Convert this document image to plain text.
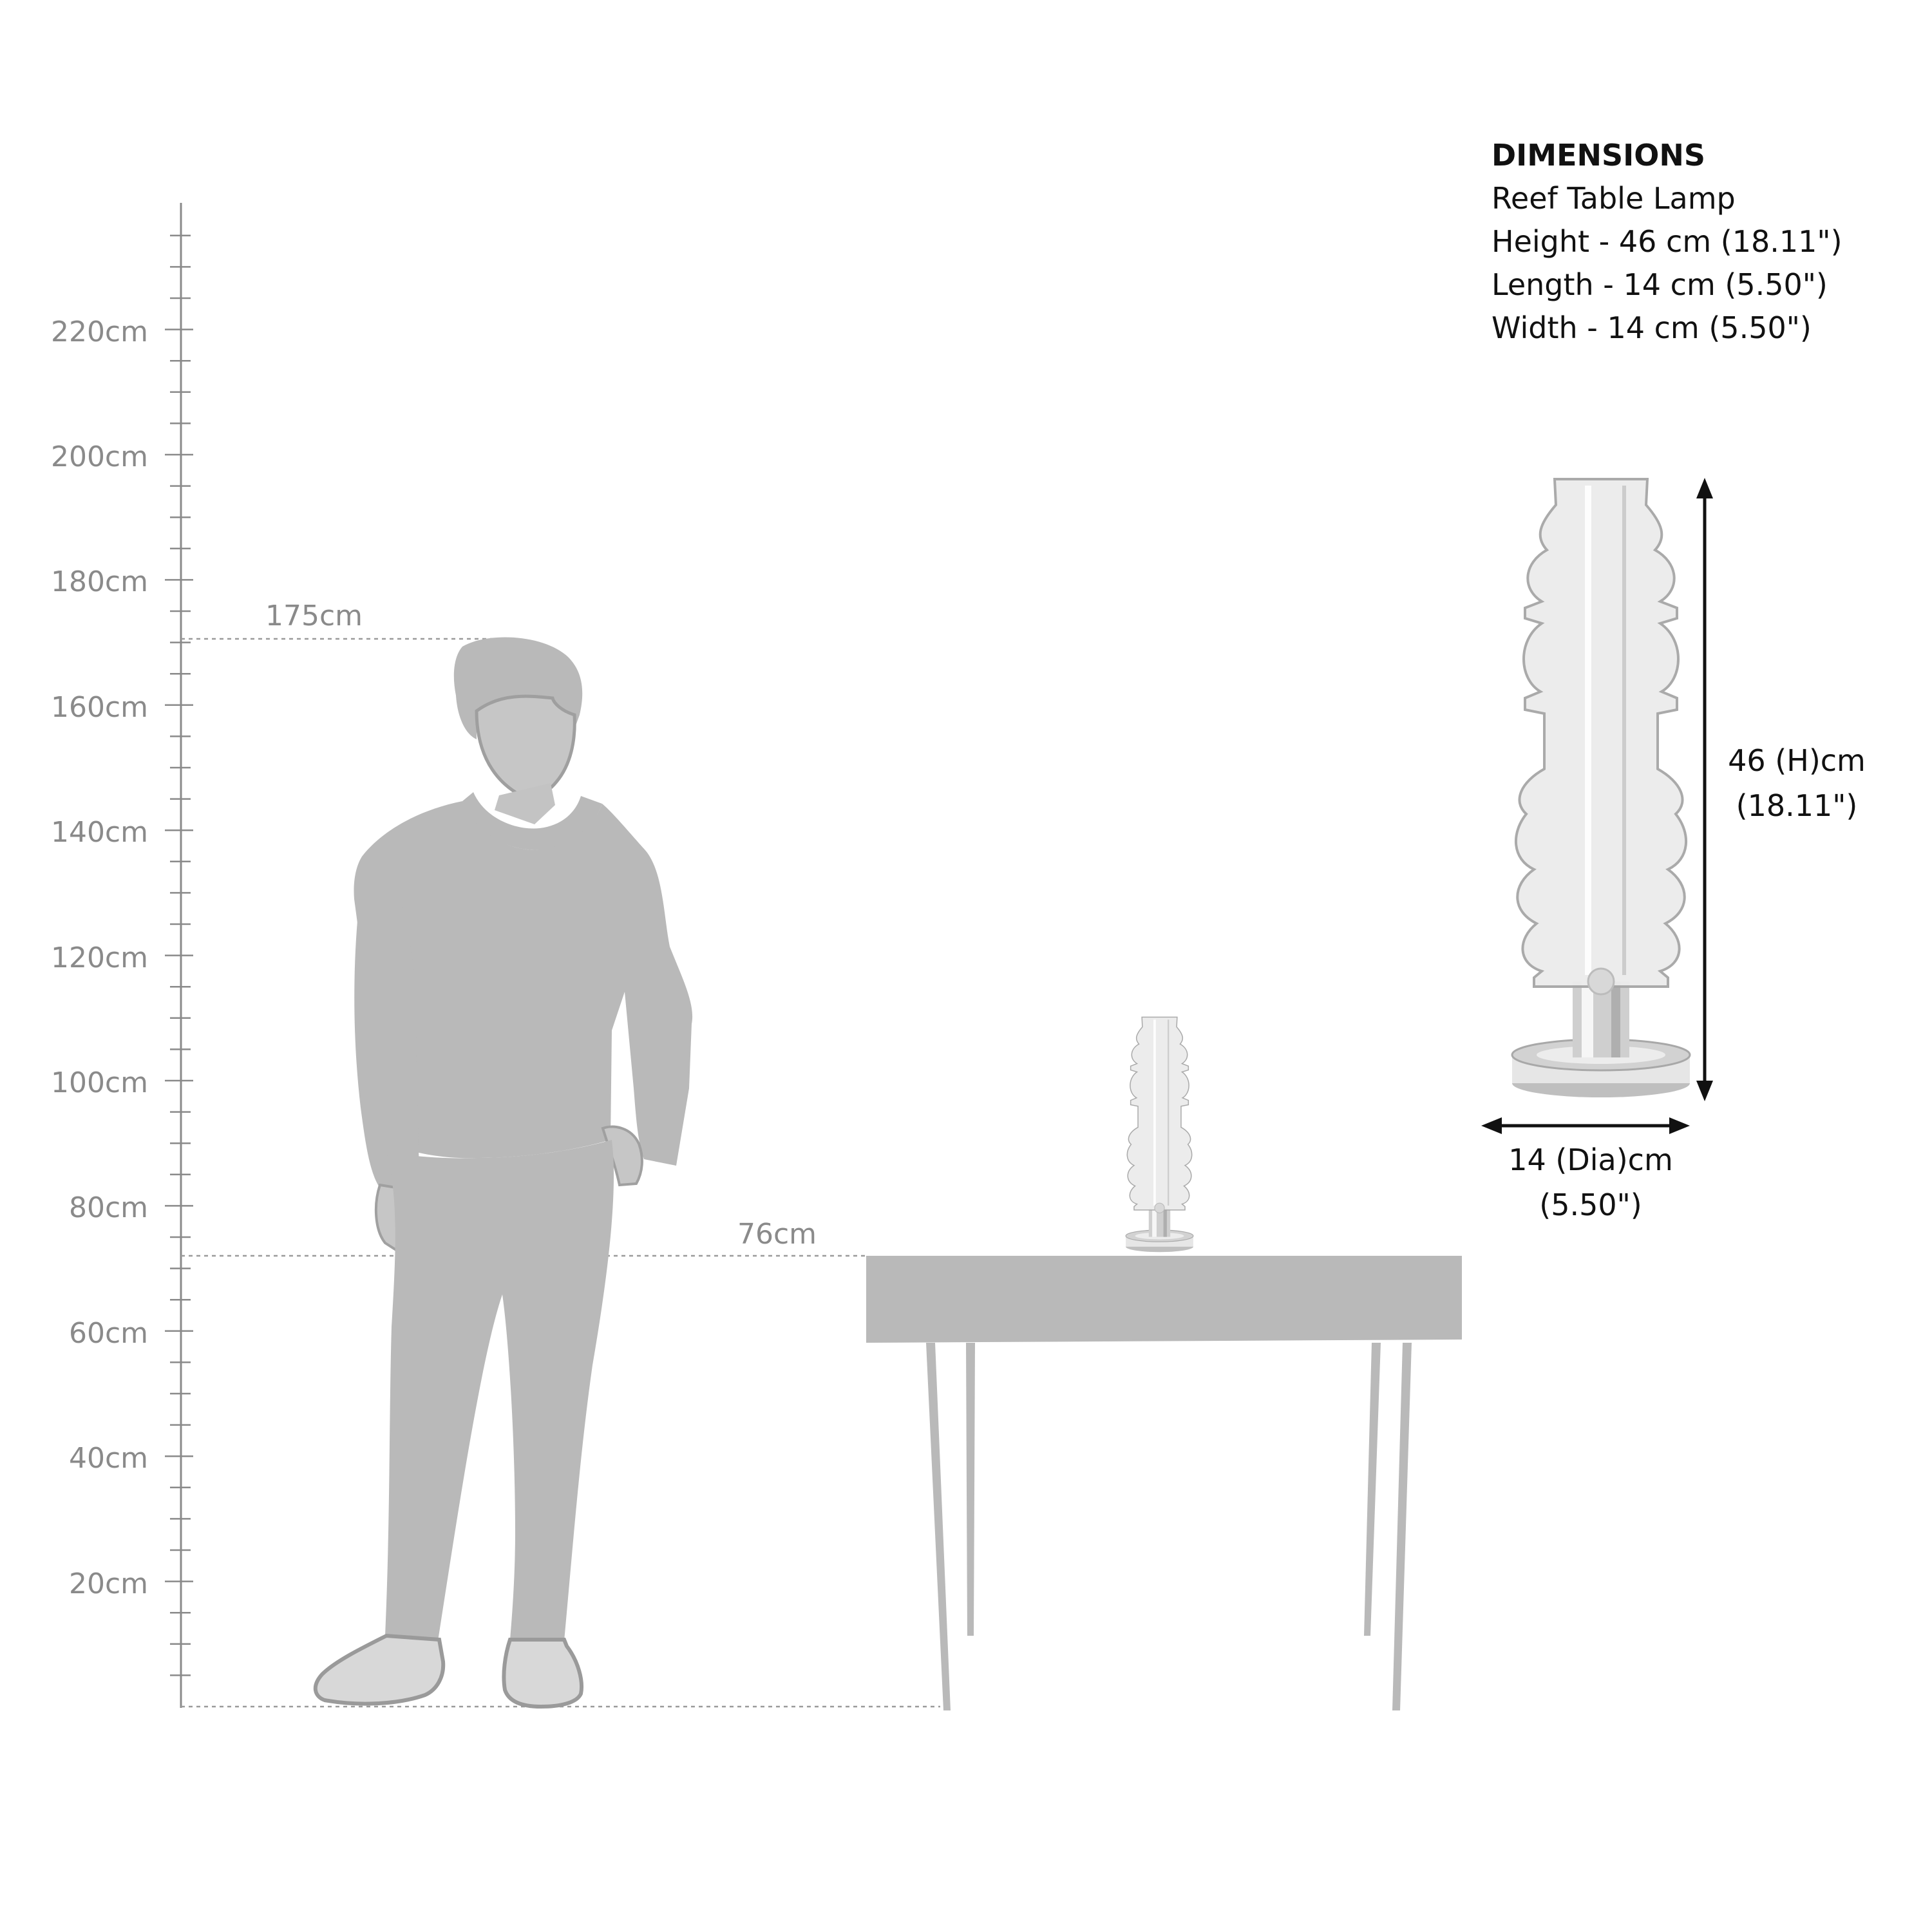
220cm
200cm
180cm
160cm
140cm
120cm
100cm
80cm
60cm
40cm
20cm
175cm
76cm
DIMENSIONS
Reef Table Lamp
Height - 46 cm (18.11")
Length - 14 cm (5.50")
Width - 14 cm (5.50")
46 (H)cm
(18.11")
14 (Dia)cm
(5.50")
